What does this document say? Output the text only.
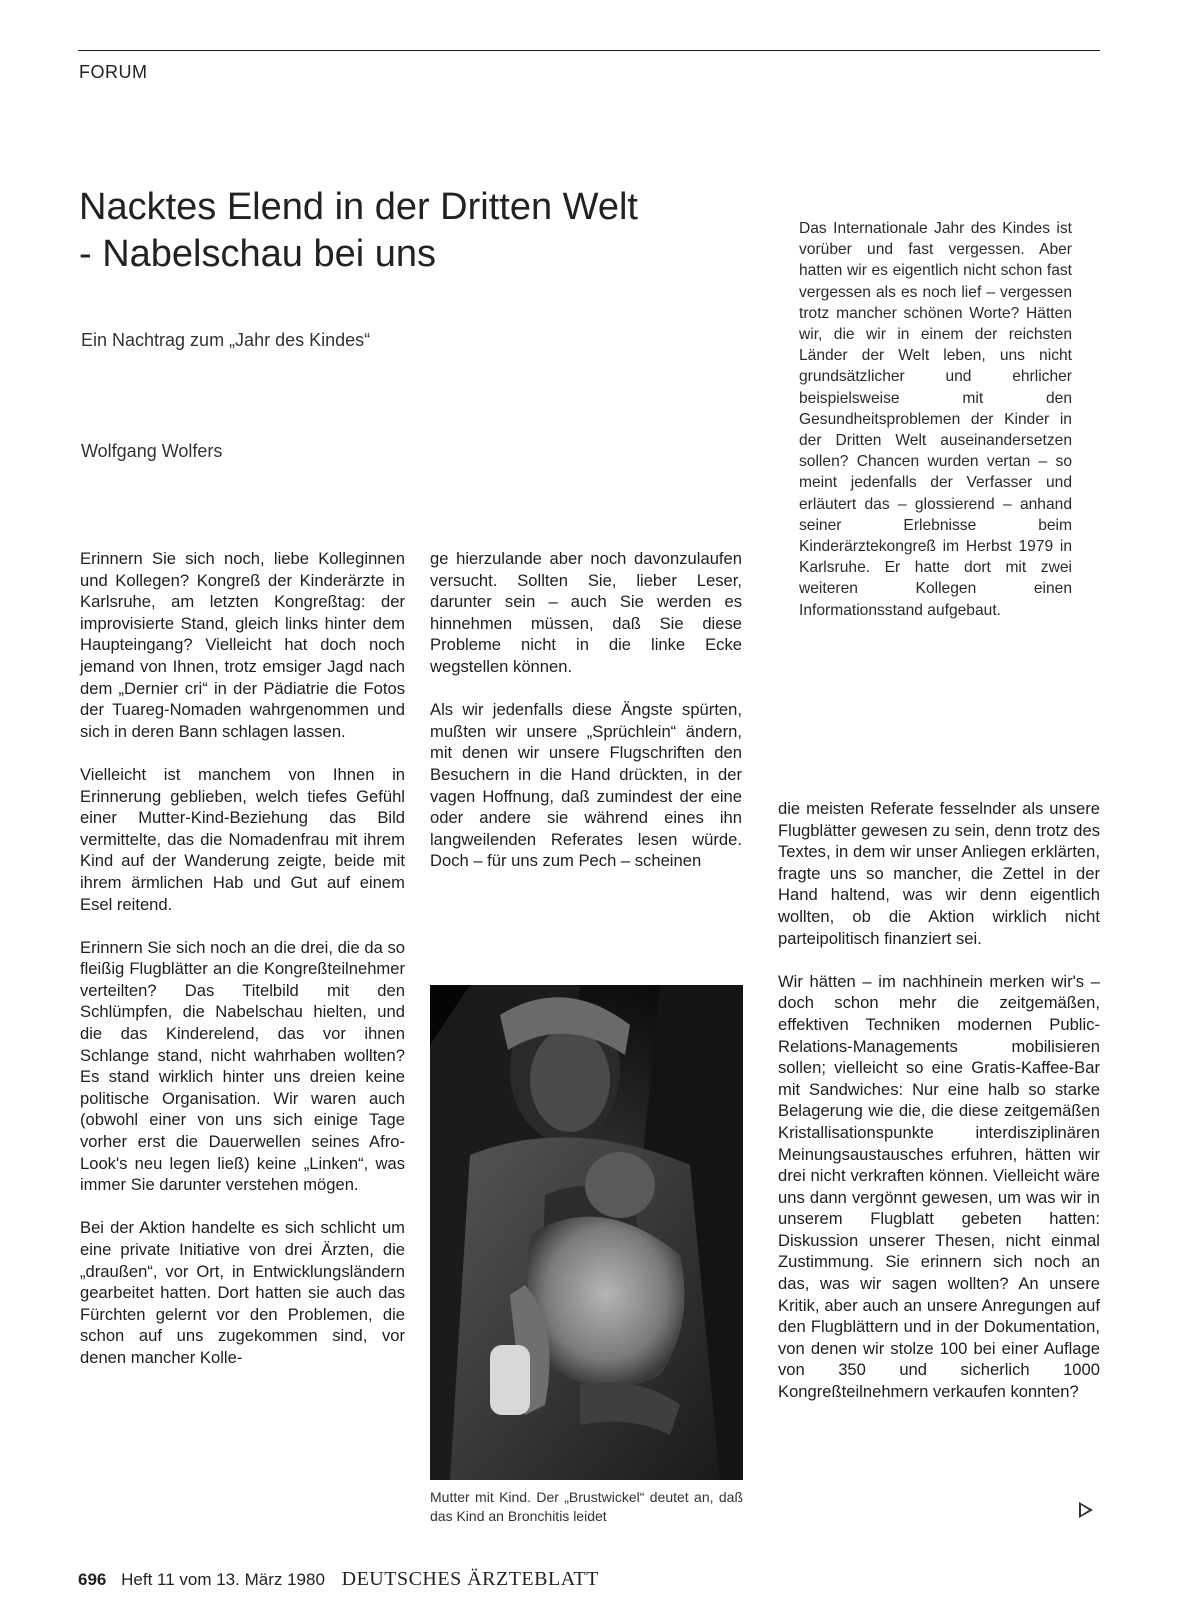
FORUM
Nacktes Elend in der Dritten Welt
- Nabelschau bei uns
Ein Nachtrag zum „Jahr des Kindes“
Wolfgang Wolfers

Das Internationale Jahr des Kindes ist vorüber und fast vergessen. Aber hatten wir es eigentlich nicht schon fast vergessen als es noch lief – vergessen trotz mancher schönen Worte? Hätten wir, die wir in einem der reichsten Länder der Welt leben, uns nicht grundsätzlicher und ehrlicher beispielsweise mit den Gesundheitsproblemen der Kinder in der Dritten Welt auseinandersetzen sollen? Chancen wurden vertan – so meint jedenfalls der Verfasser und erläutert das – glossierend – anhand seiner Erlebnisse beim Kinderärztekongreß im Herbst 1979 in Karlsruhe. Er hatte dort mit zwei weiteren Kollegen einen Informationsstand aufgebaut.

Erinnern Sie sich noch, liebe Kolleginnen und Kollegen? Kongreß der Kinderärzte in Karlsruhe, am letzten Kongreßtag: der improvisierte Stand, gleich links hinter dem Haupteingang? Vielleicht hat doch noch jemand von Ihnen, trotz emsiger Jagd nach dem „Dernier cri“ in der Pädiatrie die Fotos der Tuareg-Nomaden wahrgenommen und sich in deren Bann schlagen lassen.

Vielleicht ist manchem von Ihnen in Erinnerung geblieben, welch tiefes Gefühl einer Mutter-Kind-Beziehung das Bild vermittelte, das die Nomadenfrau mit ihrem Kind auf der Wanderung zeigte, beide mit ihrem ärmlichen Hab und Gut auf einem Esel reitend.

Erinnern Sie sich noch an die drei, die da so fleißig Flugblätter an die Kongreßteilnehmer verteilten? Das Titelbild mit den Schlümpfen, die Nabelschau hielten, und die das Kinderelend, das vor ihnen Schlange stand, nicht wahrhaben wollten? Es stand wirklich hinter uns dreien keine politische Organisation. Wir waren auch (obwohl einer von uns sich einige Tage vorher erst die Dauerwellen seines Afro-Look's neu legen ließ) keine „Linken“, was immer Sie darunter verstehen mögen.

Bei der Aktion handelte es sich schlicht um eine private Initiative von drei Ärzten, die „draußen“, vor Ort, in Entwicklungsländern gearbeitet hatten. Dort hatten sie auch das Fürchten gelernt vor den Problemen, die schon auf uns zugekommen sind, vor denen mancher Kolle-

ge hierzulande aber noch davonzulaufen versucht. Sollten Sie, lieber Leser, darunter sein – auch Sie werden es hinnehmen müssen, daß Sie diese Probleme nicht in die linke Ecke wegstellen können.

Als wir jedenfalls diese Ängste spürten, mußten wir unsere „Sprüchlein“ ändern, mit denen wir unsere Flugschriften den Besuchern in die Hand drückten, in der vagen Hoffnung, daß zumindest der eine oder andere sie während eines ihn langweilenden Referates lesen würde. Doch – für uns zum Pech – scheinen

Mutter mit Kind. Der „Brustwickel“ deutet an, daß das Kind an Bronchitis leidet

die meisten Referate fesselnder als unsere Flugblätter gewesen zu sein, denn trotz des Textes, in dem wir unser Anliegen erklärten, fragte uns so mancher, die Zettel in der Hand haltend, was wir denn eigentlich wollten, ob die Aktion wirklich nicht parteipolitisch finanziert sei.

Wir hätten – im nachhinein merken wir's – doch schon mehr die zeitgemäßen, effektiven Techniken modernen Public-Relations-Managements mobilisieren sollen; vielleicht so eine Gratis-Kaffee-Bar mit Sandwiches: Nur eine halb so starke Belagerung wie die, die diese zeitgemäßen Kristallisationspunkte interdisziplinären Meinungsaustausches erfuhren, hätten wir drei nicht verkraften können. Vielleicht wäre uns dann vergönnt gewesen, um was wir in unserem Flugblatt gebeten hatten: Diskussion unserer Thesen, nicht einmal Zustimmung. Sie erinnern sich noch an das, was wir sagen wollten? An unsere Kritik, aber auch an unsere Anregungen auf den Flugblättern und in der Dokumentation, von denen wir stolze 100 bei einer Auflage von 350 und sicherlich 1000 Kongreßteilnehmern verkaufen konnten?

696 Heft 11 vom 13. März 1980 DEUTSCHES ÄRZTEBLATT
